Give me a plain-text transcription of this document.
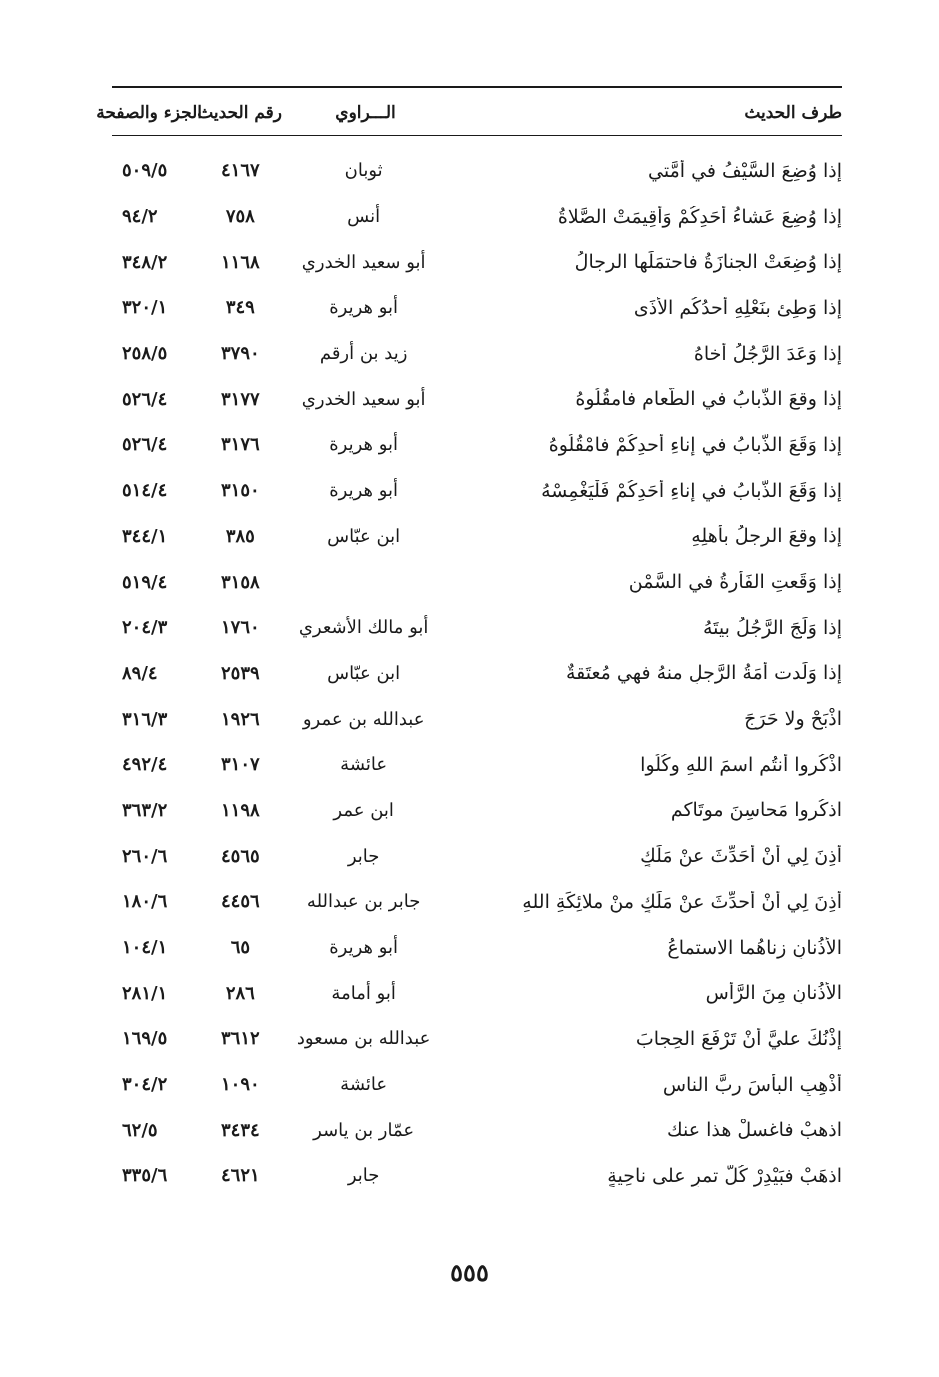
طرف الحديث
الـــراوي
رقم الحديث
الجزء والصفحة
إذا وُضِعَ السَّيْفُ في أُمَّتي
ثوبان
٤١٦٧
٥٠٩/٥
إذا وُضِعَ عَشاءُ أَحَدِكُمْ وَأُقِيمَتْ الصَّلاةُ
أنس
٧٥٨
٩٤/٢
إذا وُضِعَتْ الجنازَةُ فاحتمَلَها الرجالُ
أبو سعيد الخدري
١١٦٨
٣٤٨/٢
إذا وَطِئ بنَعْلِهِ أحدُكُم الأَذَى
أبو هريرة
٣٤٩
٣٢٠/١
إذا وَعَدَ الرَّجُلُ أَخاهُ
زيد بن أرقم
٣٧٩٠
٢٥٨/٥
إذا وقعَ الذُّبابُ في الطَّعام فامقُلُوهُ
أبو سعيد الخدري
٣١٧٧
٥٢٦/٤
إذا وَقَعَ الذُّبابُ في إناءِ أحدِكُمْ فامْقُلُوهُ
أبو هريرة
٣١٧٦
٥٢٦/٤
إذا وَقَعَ الذُّبابُ في إناءِ أَحَدِكُمْ فَلْيَغْمِسْهُ
أبو هريرة
٣١٥٠
٥١٤/٤
إذا وقعَ الرجلُ بأهلِهِ
ابن عبّاس
٣٨٥
٣٤٤/١
إذا وَقَعتِ الفَأْرةُ في السَّمْنِ
٣١٥٨
٥١٩/٤
إذا وَلَجَ الرَّجُلُ بيتَهُ
أبو مالك الأشعري
١٧٦٠
٢٠٤/٣
إذا وَلَدت أَمَةُ الرَّجلِ منهُ فهي مُعتَقةٌ
ابن عبّاس
٢٥٣٩
٨٩/٤
اذْبَحْ ولا حَرَجَ
عبدالله بن عمرو
١٩٢٦
٣١٦/٣
اذْكُروا أنتُم اسمَ اللهِ وكُلُوا
عائشة
٣١٠٧
٤٩٢/٤
اذكُروا مَحاسِنَ موتَاكم
ابن عمر
١١٩٨
٣٦٣/٢
أُذِنَ لِي أَنْ أُحَدِّثَ عنْ مَلَكٍ
جابر
٤٥٦٥
٢٦٠/٦
أُذِنَ لِي أَنْ أُحدِّثَ عنْ مَلَكٍ منْ ملائِكَةِ اللهِ
جابر بن عبدالله
٤٤٥٦
١٨٠/٦
الأُذُنانِ زِناهُما الاستماعُ
أبو هريرة
٦٥
١٠٤/١
الأُذُنانِ مِنَ الرَّأْسِ
أبو أمامة
٢٨٦
٢٨١/١
إذْنُكَ عليَّ أَنْ تَرْفَعَ الحِجابَ
عبدالله بن مسعود
٣٦١٢
١٦٩/٥
أَذْهِبِ البأْسَ ربَّ الناسِ
عائشة
١٠٩٠
٣٠٤/٢
اذهبْ فاغسلْ هذا عنك
عمّار بن ياسر
٣٤٣٤
٦٢/٥
اذهَبْ فبَيْدِرْ كُلَّ تمرٍ على ناحِيةٍ
جابر
٤٦٢١
٣٣٥/٦
٥٥٥
